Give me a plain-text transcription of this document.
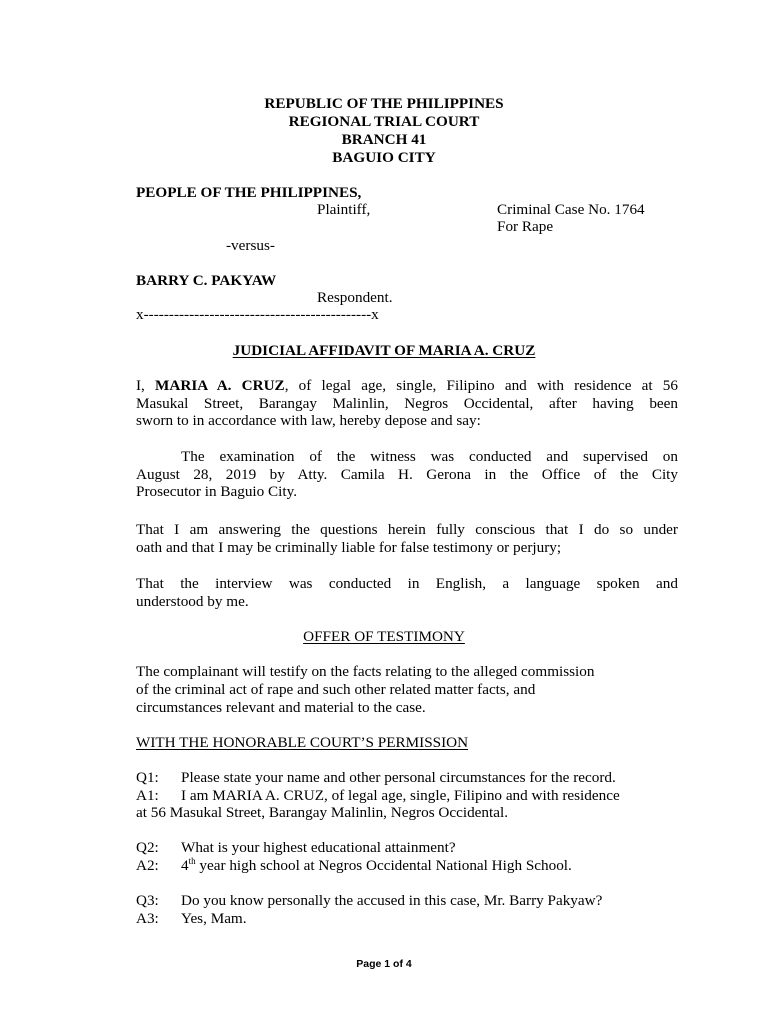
REPUBLIC OF THE PHILIPPINES
REGIONAL TRIAL COURT
BRANCH 41
BAGUIO CITY
PEOPLE OF THE PHILIPPINES,
Plaintiff,	Criminal Case No. 1764
For Rape
-versus-
BARRY C. PAKYAW
Respondent.
x---------------------------------------------x
JUDICIAL AFFIDAVIT OF MARIA A. CRUZ
I, MARIA A. CRUZ, of legal age, single, Filipino and with residence at 56
Masukal Street, Barangay Malinlin, Negros Occidental, after having been
sworn to in accordance with law, hereby depose and say:
The examination of the witness was conducted and supervised on
August 28, 2019 by Atty. Camila H. Gerona in the Office of the City
Prosecutor in Baguio City.
That I am answering the questions herein fully conscious that I do so under
oath and that I may be criminally liable for false testimony or perjury;
That the interview was conducted in English, a language spoken and
understood by me.
OFFER OF TESTIMONY
The complainant will testify on the facts relating to the alleged commission
of the criminal act of rape and such other related matter facts, and
circumstances relevant and material to the case.
WITH THE HONORABLE COURT’S PERMISSION
Q1: Please state your name and other personal circumstances for the record.
A1: I am MARIA A. CRUZ, of legal age, single, Filipino and with residence
at 56 Masukal Street, Barangay Malinlin, Negros Occidental.
Q2: What is your highest educational attainment?
A2: 4th year high school at Negros Occidental National High School.
Q3: Do you know personally the accused in this case, Mr. Barry Pakyaw?
A3: Yes, Mam.
Page 1 of 4
